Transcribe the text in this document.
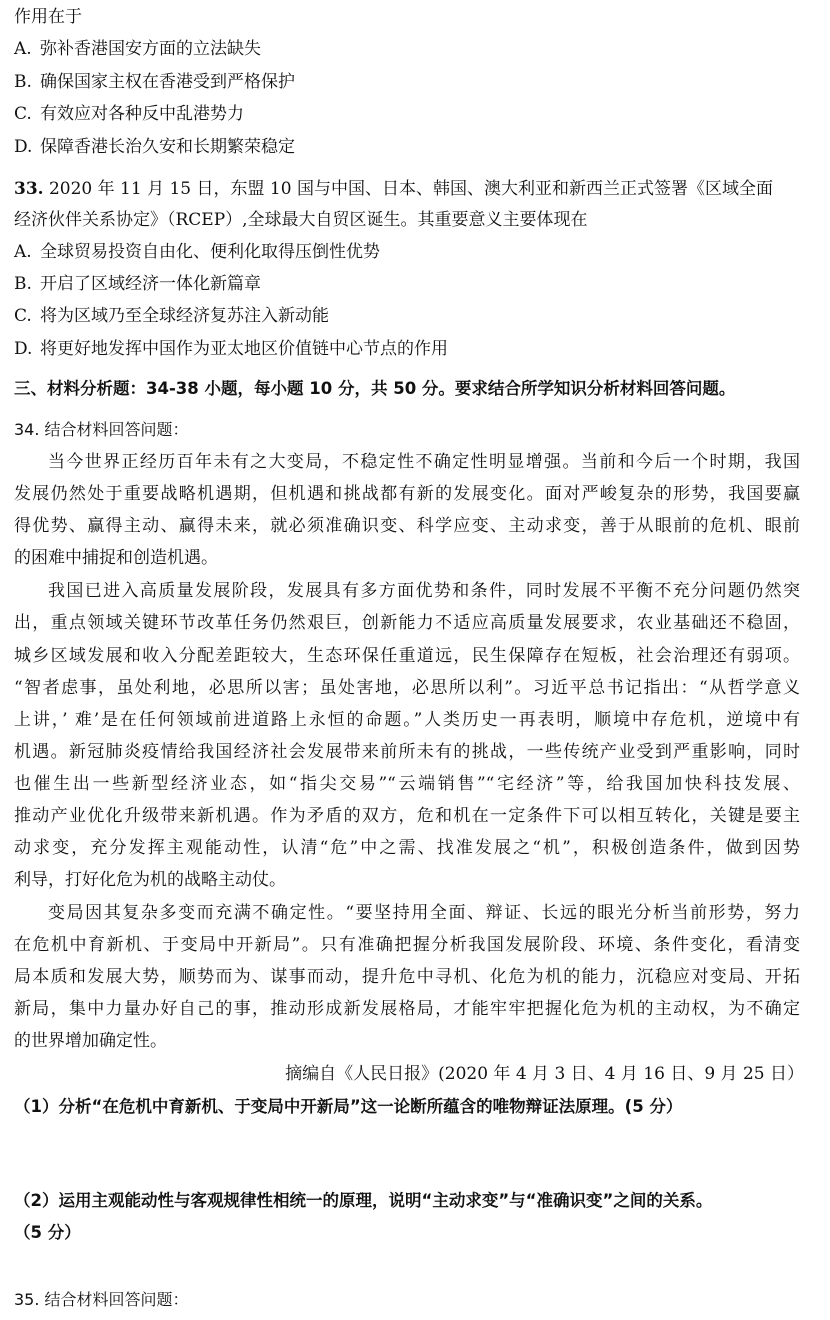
作用在于
A. 弥补香港国安方面的立法缺失
B. 确保国家主权在香港受到严格保护
C. 有效应对各种反中乱港势力
D. 保障香港长治久安和长期繁荣稳定
33. 2020 年 11 月 15 日，东盟 10 国与中国、日本、韩国、澳大利亚和新西兰正式签署《区域全面
经济伙伴关系协定》（RCEP）,全球最大自贸区诞生。其重要意义主要体现在
A. 全球贸易投资自由化、便利化取得压倒性优势
B. 开启了区域经济一体化新篇章
C. 将为区域乃至全球经济复苏注入新动能
D. 将更好地发挥中国作为亚太地区价值链中心节点的作用
三、材料分析题：34-38 小题，每小题 10 分，共 50 分。要求结合所学知识分析材料回答问题。
34. 结合材料回答问题：
当今世界正经历百年未有之大变局，不稳定性不确定性明显增强。当前和今后一个时期，我国
发展仍然处于重要战略机遇期，但机遇和挑战都有新的发展变化。面对严峻复杂的形势，我国要赢
得优势、赢得主动、赢得未来，就必须准确识变、科学应变、主动求变，善于从眼前的危机、眼前
的困难中捕捉和创造机遇。
我国已进入高质量发展阶段，发展具有多方面优势和条件，同时发展不平衡不充分问题仍然突
出，重点领域关键环节改革任务仍然艰巨，创新能力不适应高质量发展要求，农业基础还不稳固，
城乡区域发展和收入分配差距较大，生态环保任重道远，民生保障存在短板，社会治理还有弱项。
“智者虑事，虽处利地，必思所以害；虽处害地，必思所以利”。习近平总书记指出：“从哲学意义
上讲，’ 难’是在任何领域前进道路上永恒的命题。”人类历史一再表明，顺境中存危机，逆境中有
机遇。新冠肺炎疫情给我国经济社会发展带来前所未有的挑战，一些传统产业受到严重影响，同时
也催生出一些新型经济业态，如“指尖交易”“云端销售”“宅经济”等，给我国加快科技发展、
推动产业优化升级带来新机遇。作为矛盾的双方，危和机在一定条件下可以相互转化，关键是要主
动求变，充分发挥主观能动性，认清“危”中之需、找准发展之“机”，积极创造条件，做到因势
利导，打好化危为机的战略主动仗。
变局因其复杂多变而充满不确定性。“要坚持用全面、辩证、长远的眼光分析当前形势，努力
在危机中育新机、于变局中开新局”。只有准确把握分析我国发展阶段、环境、条件变化，看清变
局本质和发展大势，顺势而为、谋事而动，提升危中寻机、化危为机的能力，沉稳应对变局、开拓
新局，集中力量办好自己的事，推动形成新发展格局，才能牢牢把握化危为机的主动权，为不确定
的世界增加确定性。
摘编自《人民日报》(2020 年 4 月 3 日、4 月 16 日、9 月 25 日）
（1）分析“在危机中育新机、于变局中开新局”这一论断所蕴含的唯物辩证法原理。(5 分）
（2）运用主观能动性与客观规律性相统一的原理，说明“主动求变”与“准确识变”之间的关系。
（5 分）
35. 结合材料回答问题：
